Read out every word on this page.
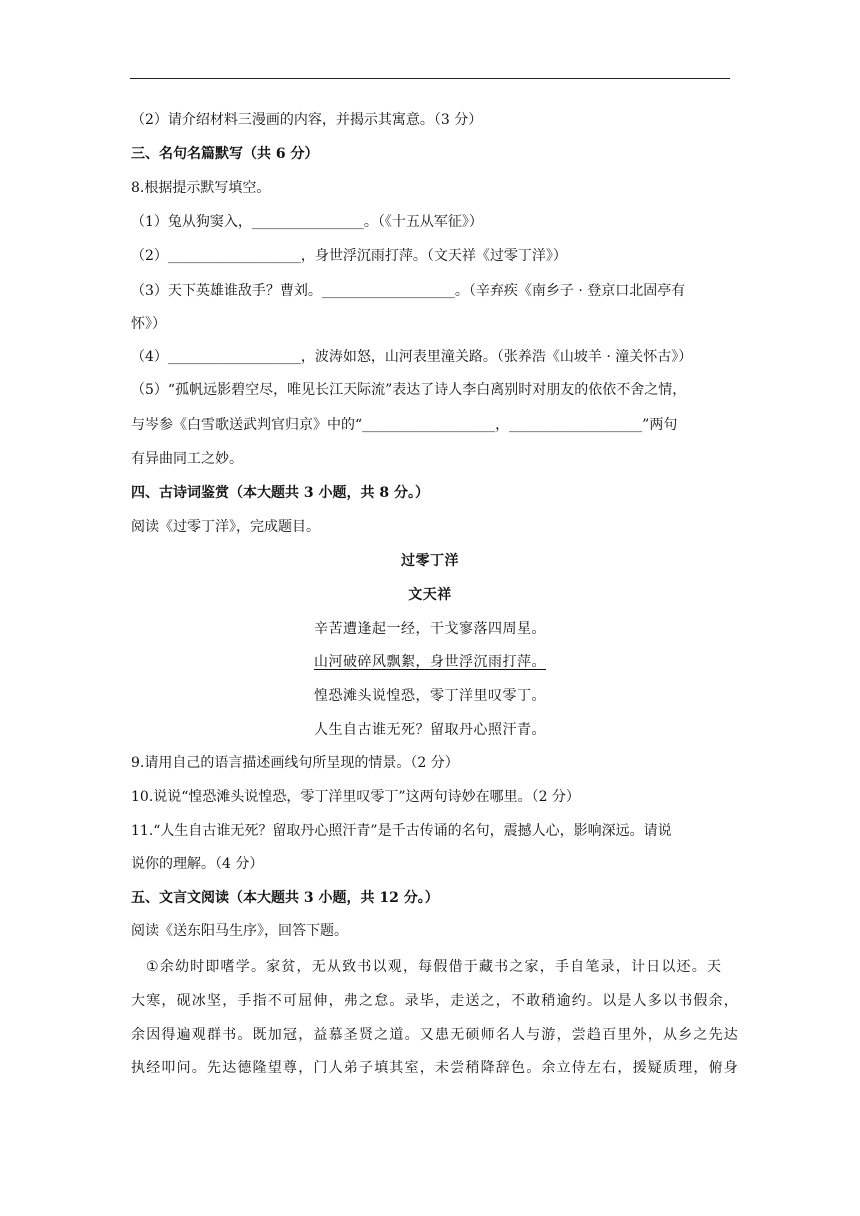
（2）请介绍材料三漫画的内容，并揭示其寓意。（3 分）
三、名句名篇默写（共 6 分）
8.根据提示默写填空。
（1）兔从狗窦入，________________。（《十五从军征》）
（2）___________________，身世浮沉雨打萍。（文天祥《过零丁洋》）
（3）天下英雄谁敌手？曹刘。___________________。（辛弃疾《南乡子 · 登京口北固亭有
怀》）
（4）___________________，波涛如怒，山河表里潼关路。（张养浩《山坡羊 · 潼关怀古》）
（5）“孤帆远影碧空尽，唯见长江天际流”表达了诗人李白离别时对朋友的依依不舍之情，
与岑参《白雪歌送武判官归京》中的“___________________，___________________”两句
有异曲同工之妙。
四、古诗词鉴赏（本大题共 3 小题，共 8 分。）
阅读《过零丁洋》，完成题目。
过零丁洋
文天祥
辛苦遭逢起一经，干戈寥落四周星。
山河破碎风飘絮，身世浮沉雨打萍。
惶恐滩头说惶恐，零丁洋里叹零丁。
人生自古谁无死？留取丹心照汗青。
9.请用自己的语言描述画线句所呈现的情景。（2 分）
10.说说“惶恐滩头说惶恐，零丁洋里叹零丁”这两句诗妙在哪里。（2 分）
11.“人生自古谁无死？留取丹心照汗青”是千古传诵的名句，震撼人心，影响深远。请说
说你的理解。（4 分）
五、文言文阅读（本大题共 3 小题，共 12 分。）
阅读《送东阳马生序》，回答下题。
①余幼时即嗜学。家贫，无从致书以观，每假借于藏书之家，手自笔录，计日以还。天
大寒，砚冰坚，手指不可屈伸，弗之怠。录毕，走送之，不敢稍逾约。以是人多以书假余，
余因得遍观群书。既加冠，益慕圣贤之道。又患无硕师名人与游，尝趋百里外，从乡之先达
执经叩问。先达德隆望尊，门人弟子填其室，未尝稍降辞色。余立侍左右，援疑质理，俯身
